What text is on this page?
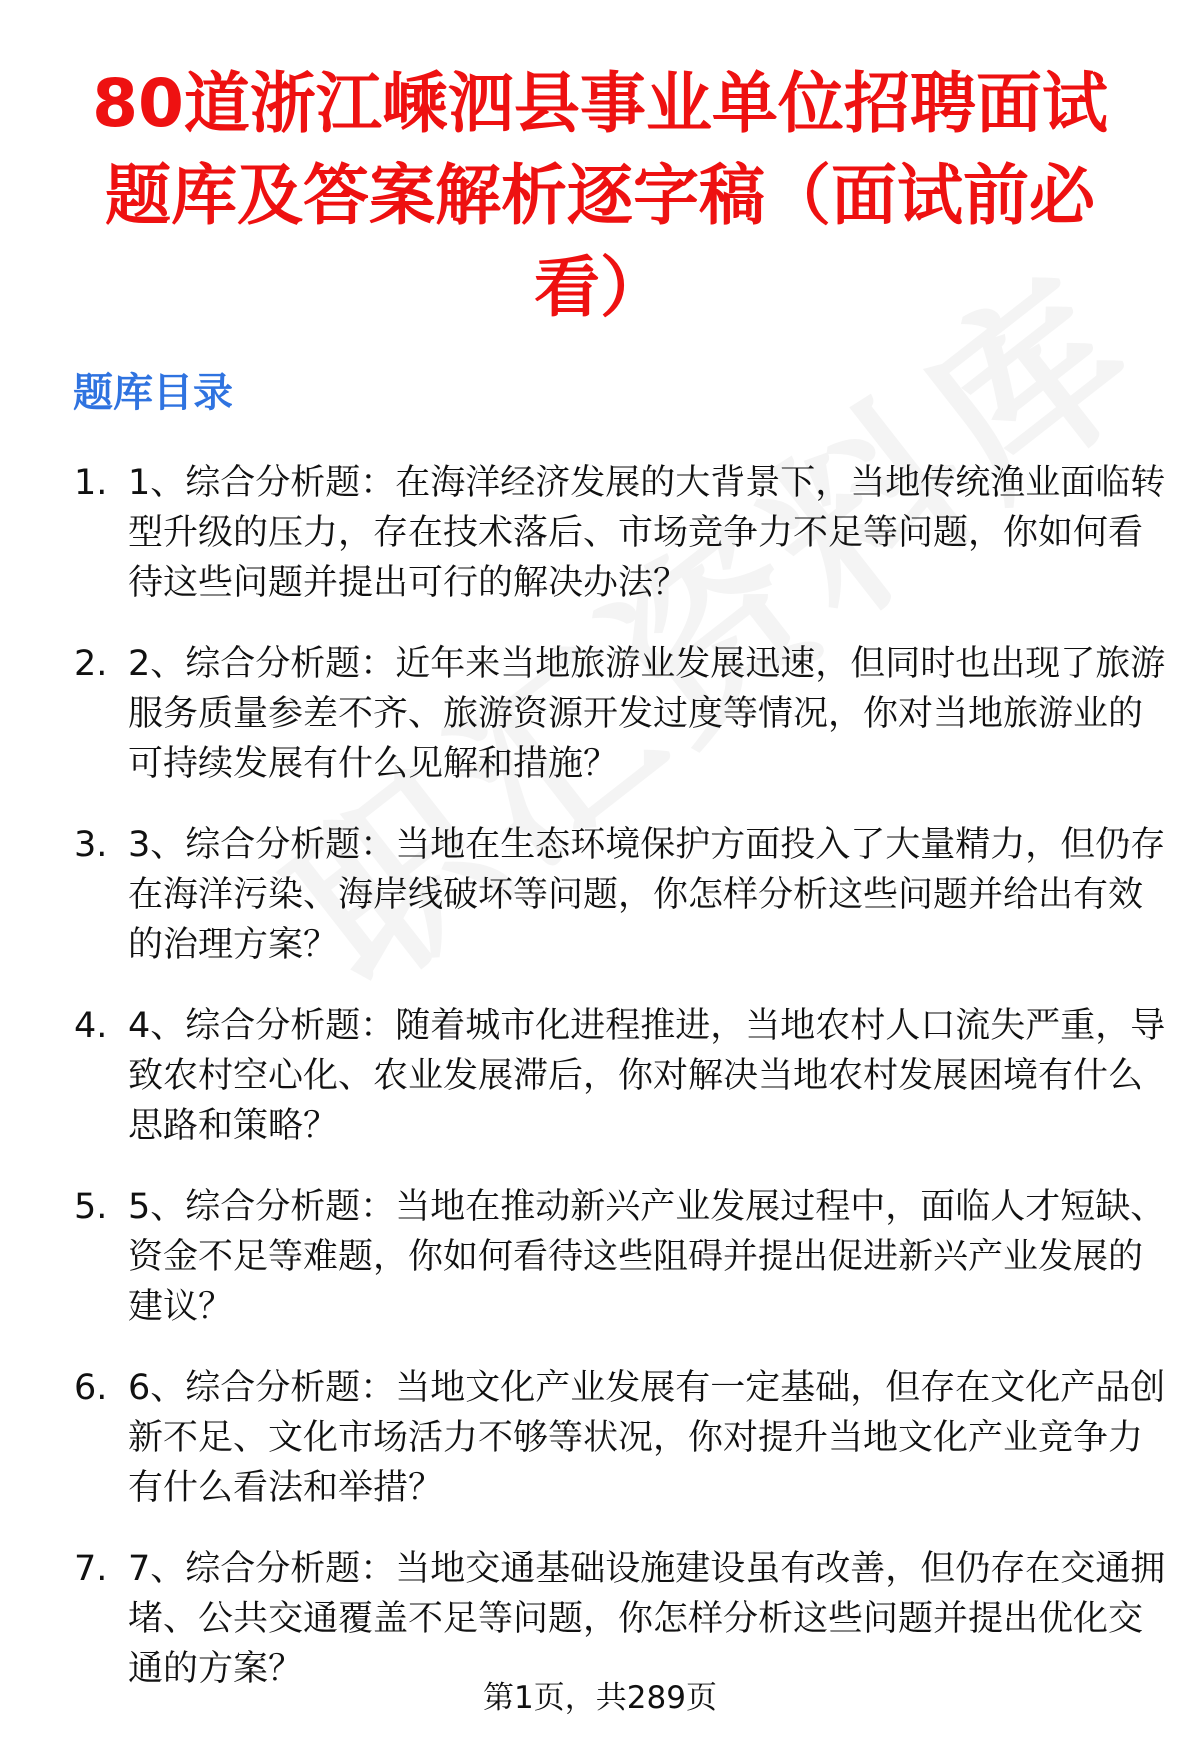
80道浙江嵊泗县事业单位招聘面试题库及答案解析逐字稿（面试前必看）
题库目录
1. 1、综合分析题：在海洋经济发展的大背景下，当地传统渔业面临转型升级的压力，存在技术落后、市场竞争力不足等问题，你如何看待这些问题并提出可行的解决办法？
2. 2、综合分析题：近年来当地旅游业发展迅速，但同时也出现了旅游服务质量参差不齐、旅游资源开发过度等情况，你对当地旅游业的可持续发展有什么见解和措施？
3. 3、综合分析题：当地在生态环境保护方面投入了大量精力，但仍存在海洋污染、海岸线破坏等问题，你怎样分析这些问题并给出有效的治理方案？
4. 4、综合分析题：随着城市化进程推进，当地农村人口流失严重，导致农村空心化、农业发展滞后，你对解决当地农村发展困境有什么思路和策略？
5. 5、综合分析题：当地在推动新兴产业发展过程中，面临人才短缺、资金不足等难题，你如何看待这些阻碍并提出促进新兴产业发展的建议？
6. 6、综合分析题：当地文化产业发展有一定基础，但存在文化产品创新不足、文化市场活力不够等状况，你对提升当地文化产业竞争力有什么看法和举措？
7. 7、综合分析题：当地交通基础设施建设虽有改善，但仍存在交通拥堵、公共交通覆盖不足等问题，你怎样分析这些问题并提出优化交通的方案？
第1页，共289页
